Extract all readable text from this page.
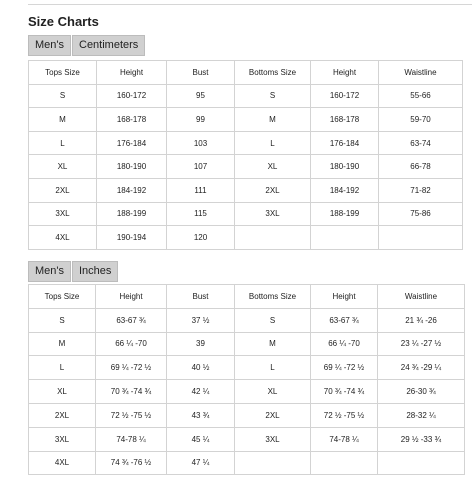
Size Charts
Men's	Centimeters
Tops Size	Height	Bust	Bottoms Size	Height	Waistline
S	160-172	95	S	160-172	55-66
M	168-178	99	M	168-178	59-70
L	176-184	103	L	176-184	63-74
XL	180-190	107	XL	180-190	66-78
2XL	184-192	111	2XL	184-192	71-82
3XL	188-199	115	3XL	188-199	75-86
4XL	190-194	120			
Men's	Inches
Tops Size	Height	Bust	Bottoms Size	Height	Waistline
S	63-67 ¾	37 ½	S	63-67 ¾	21 ¾ -26
M	66 ¼ -70	39	M	66 ¼ -70	23 ¼ -27 ½
L	69 ¼ -72 ½	40 ½	L	69 ¼ -72 ½	24 ¾ -29 ¼
XL	70 ¾ -74 ¾	42 ¼	XL	70 ¾ -74 ¾	26-30 ¾
2XL	72 ½ -75 ½	43 ¾	2XL	72 ½ -75 ½	28-32 ¼
3XL	74-78 ¼	45 ¼	3XL	74-78 ¼	29 ½ -33 ¾
4XL	74 ¾ -76 ½	47 ¼			
